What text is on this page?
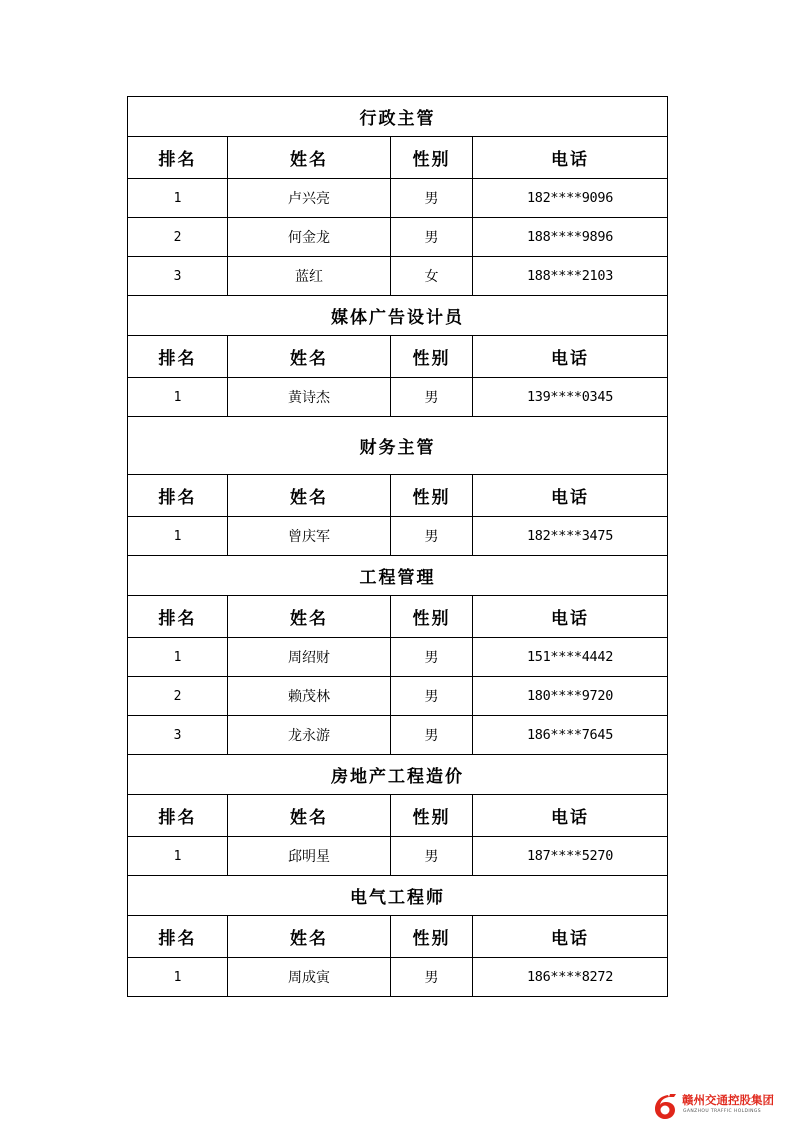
行政主管			
排名	姓名	性别	电话
1	卢兴亮	男	182****9096
2	何金龙	男	188****9896
3	蓝红	女	188****2103
媒体广告设计员			
排名	姓名	性别	电话
1	黄诗杰	男	139****0345
财务主管			
排名	姓名	性别	电话
1	曾庆军	男	182****3475
工程管理			
排名	姓名	性别	电话
1	周绍财	男	151****4442
2	赖茂林	男	180****9720
3	龙永游	男	186****7645
房地产工程造价			
排名	姓名	性别	电话
1	邱明星	男	187****5270
电气工程师			
排名	姓名	性别	电话
1	周成寅	男	186****8272
赣州交通控股集团
GANZHOU TRAFFIC HOLDINGS
